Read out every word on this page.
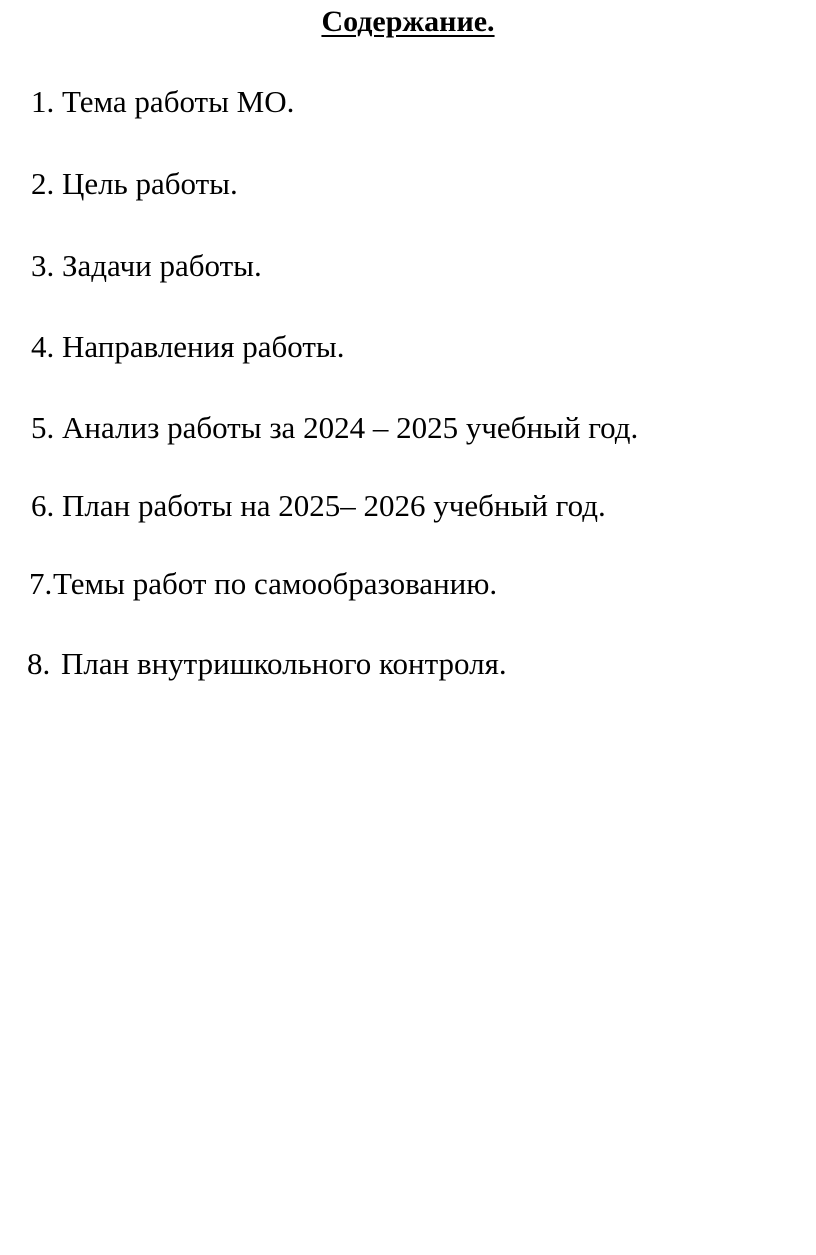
Содержание.
1. Тема работы МО.
2. Цель работы.
3. Задачи работы.
4. Направления работы.
5. Анализ работы за 2024 – 2025 учебный год.
6. План работы на 2025– 2026 учебный год.
7. Темы работ по самообразованию.
8. План внутришкольного контроля.
